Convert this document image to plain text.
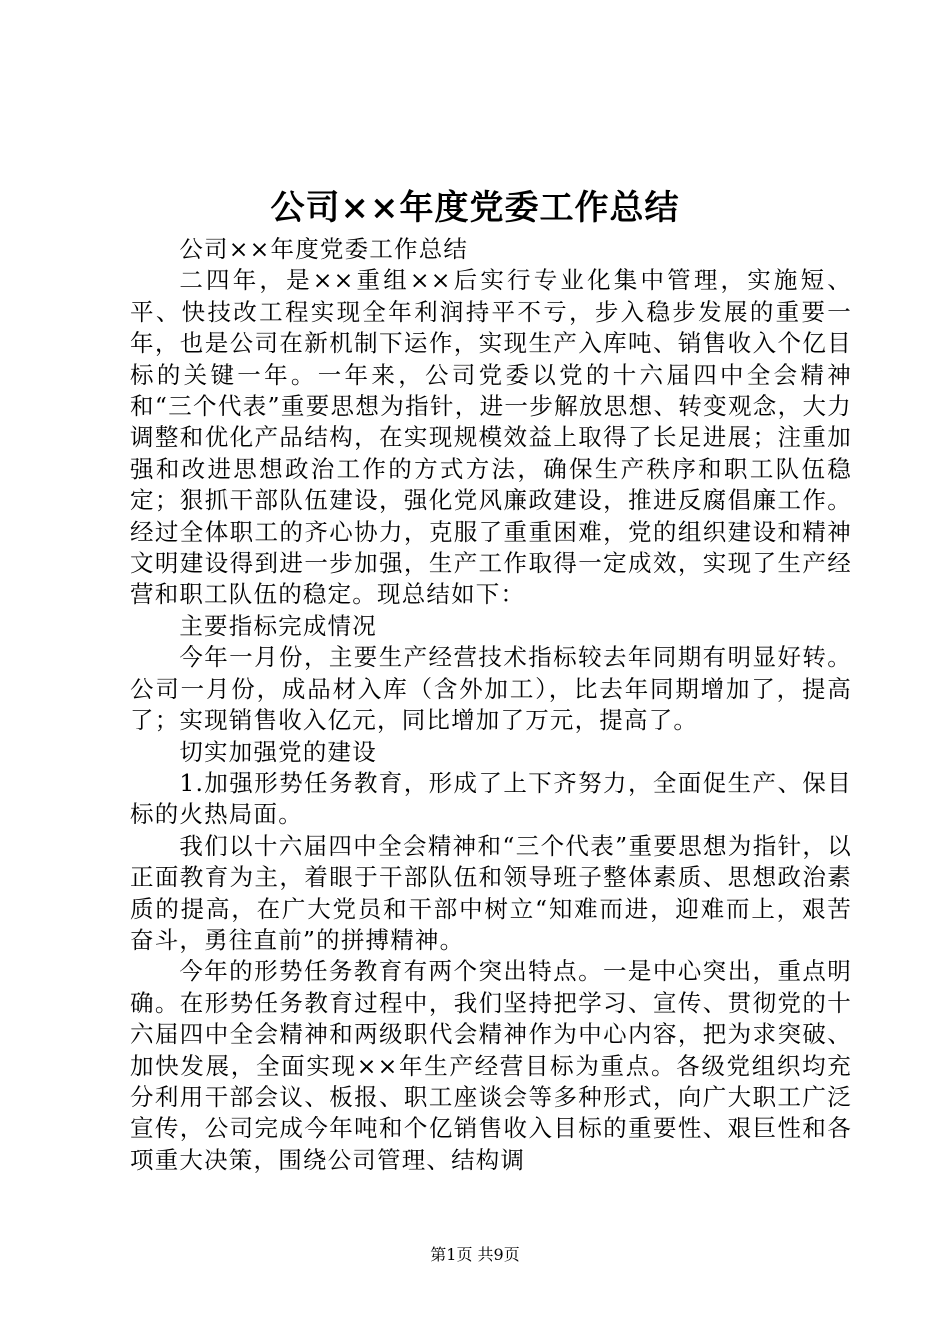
公司××年度党委工作总结

公司××年度党委工作总结

二四年，是××重组××后实行专业化集中管理，实施短、平、快技改工程实现全年利润持平不亏，步入稳步发展的重要一年，也是公司在新机制下运作，实现生产入库吨、销售收入个亿目标的关键一年。一年来，公司党委以党的十六届四中全会精神和“三个代表”重要思想为指针，进一步解放思想、转变观念，大力调整和优化产品结构，在实现规模效益上取得了长足进展；注重加强和改进思想政治工作的方式方法，确保生产秩序和职工队伍稳定；狠抓干部队伍建设，强化党风廉政建设，推进反腐倡廉工作。经过全体职工的齐心协力，克服了重重困难，党的组织建设和精神文明建设得到进一步加强，生产工作取得一定成效，实现了生产经营和职工队伍的稳定。现总结如下：

主要指标完成情况

今年一月份，主要生产经营技术指标较去年同期有明显好转。公司一月份，成品材入库（含外加工），比去年同期增加了，提高了；实现销售收入亿元，同比增加了万元，提高了。

切实加强党的建设

1.加强形势任务教育，形成了上下齐努力，全面促生产、保目标的火热局面。

我们以十六届四中全会精神和“三个代表”重要思想为指针，以正面教育为主，着眼于干部队伍和领导班子整体素质、思想政治素质的提高，在广大党员和干部中树立“知难而进，迎难而上，艰苦奋斗，勇往直前”的拼搏精神。

今年的形势任务教育有两个突出特点。一是中心突出，重点明确。在形势任务教育过程中，我们坚持把学习、宣传、贯彻党的十六届四中全会精神和两级职代会精神作为中心内容，把为求突破、加快发展，全面实现××年生产经营目标为重点。各级党组织均充分利用干部会议、板报、职工座谈会等多种形式，向广大职工广泛宣传，公司完成今年吨和个亿销售收入目标的重要性、艰巨性和各项重大决策，围绕公司管理、结构调

第1页 共9页
